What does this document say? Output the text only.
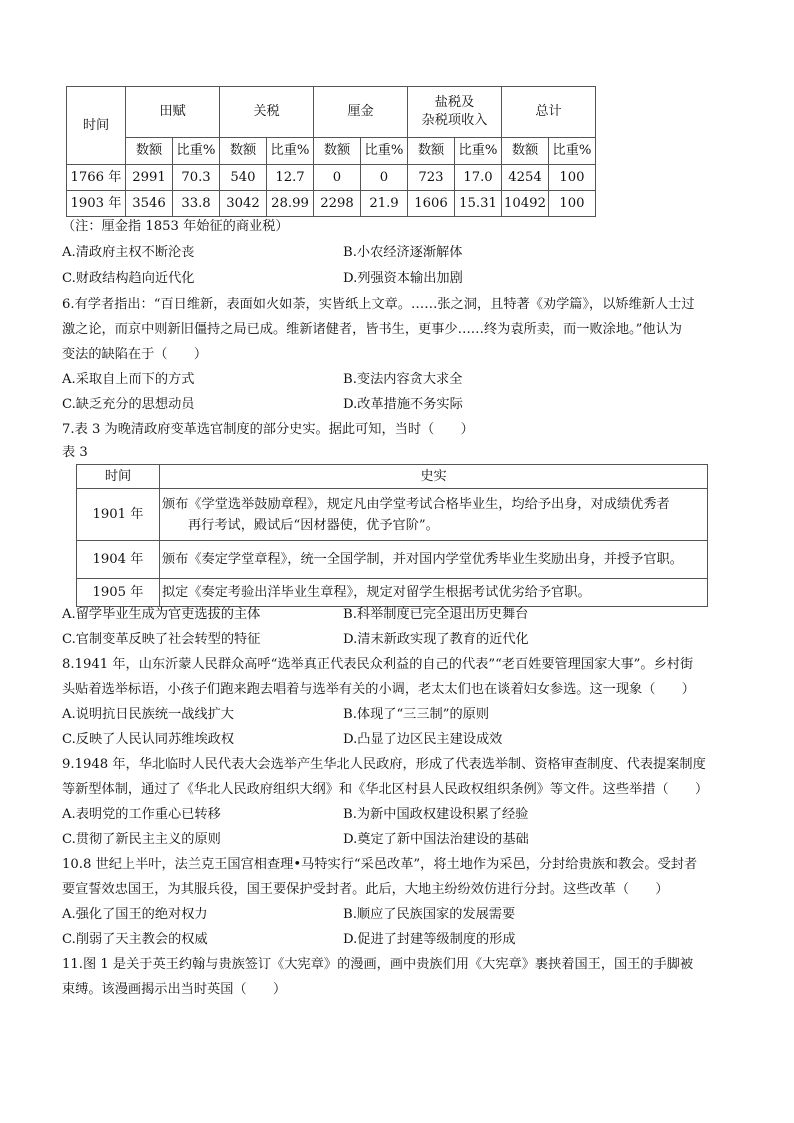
时间	田赋		关税		厘金		盐税及
杂税项收入		总计	
	数额	比重%	数额	比重%	数额	比重%	数额	比重%	数额	比重%
1766 年	2991	70.3	540	12.7	0	0	723	17.0	4254	100
1903 年	3546	33.8	3042	28.99	2298	21.9	1606	15.31	10492	100
（注：厘金指 1853 年始征的商业税）
A.清政府主权不断沦丧	B.小农经济逐渐解体
C.财政结构趋向近代化	D.列强资本输出加剧
6.有学者指出：“百日维新，表面如火如荼，实皆纸上文章。……张之洞，且特著《劝学篇》，以矫维新人士过
激之论，而京中则新旧僵持之局已成。维新诸健者，皆书生，更事少……终为袁所卖，而一败涂地。”他认为
变法的缺陷在于（　　）
A.采取自上而下的方式	B.变法内容贪大求全
C.缺乏充分的思想动员	D.改革措施不务实际
7.表 3 为晚清政府变革选官制度的部分史实。据此可知，当时（　　）
表 3
时间	史实
1901 年	颁布《学堂选举鼓励章程》，规定凡由学堂考试合格毕业生，均给予出身，对成绩优秀者
再行考试，殿试后“因材器使，优予官阶”。

1904 年	颁布《奏定学堂章程》，统一全国学制，并对国内学堂优秀毕业生奖励出身，并授予官职。
1905 年	拟定《奏定考验出洋毕业生章程》，规定对留学生根据考试优劣给予官职。
A.留学毕业生成为官吏选拔的主体	B.科举制度已完全退出历史舞台
C.官制变革反映了社会转型的特征	D.清末新政实现了教育的近代化
8.1941 年，山东沂蒙人民群众高呼“选举真正代表民众利益的自己的代表”“老百姓要管理国家大事”。乡村街
头贴着选举标语，小孩子们跑来跑去唱着与选举有关的小调，老太太们也在谈着妇女参选。这一现象（　　）
A.说明抗日民族统一战线扩大	B.体现了“三三制”的原则
C.反映了人民认同苏维埃政权	D.凸显了边区民主建设成效
9.1948 年，华北临时人民代表大会选举产生华北人民政府，形成了代表选举制、资格审查制度、代表提案制度
等新型体制，通过了《华北人民政府组织大纲》和《华北区村县人民政权组织条例》等文件。这些举措（　　）
A.表明党的工作重心已转移	B.为新中国政权建设积累了经验
C.贯彻了新民主主义的原则	D.奠定了新中国法治建设的基础
10.8 世纪上半叶，法兰克王国宫相查理•马特实行“采邑改革”，将土地作为采邑，分封给贵族和教会。受封者
要宣誓效忠国王，为其服兵役，国王要保护受封者。此后，大地主纷纷效仿进行分封。这些改革（　　）
A.强化了国王的绝对权力	B.顺应了民族国家的发展需要
C.削弱了天主教会的权威	D.促进了封建等级制度的形成
11.图 1 是关于英王约翰与贵族签订《大宪章》的漫画，画中贵族们用《大宪章》裹挟着国王，国王的手脚被
束缚。该漫画揭示出当时英国（　　）
